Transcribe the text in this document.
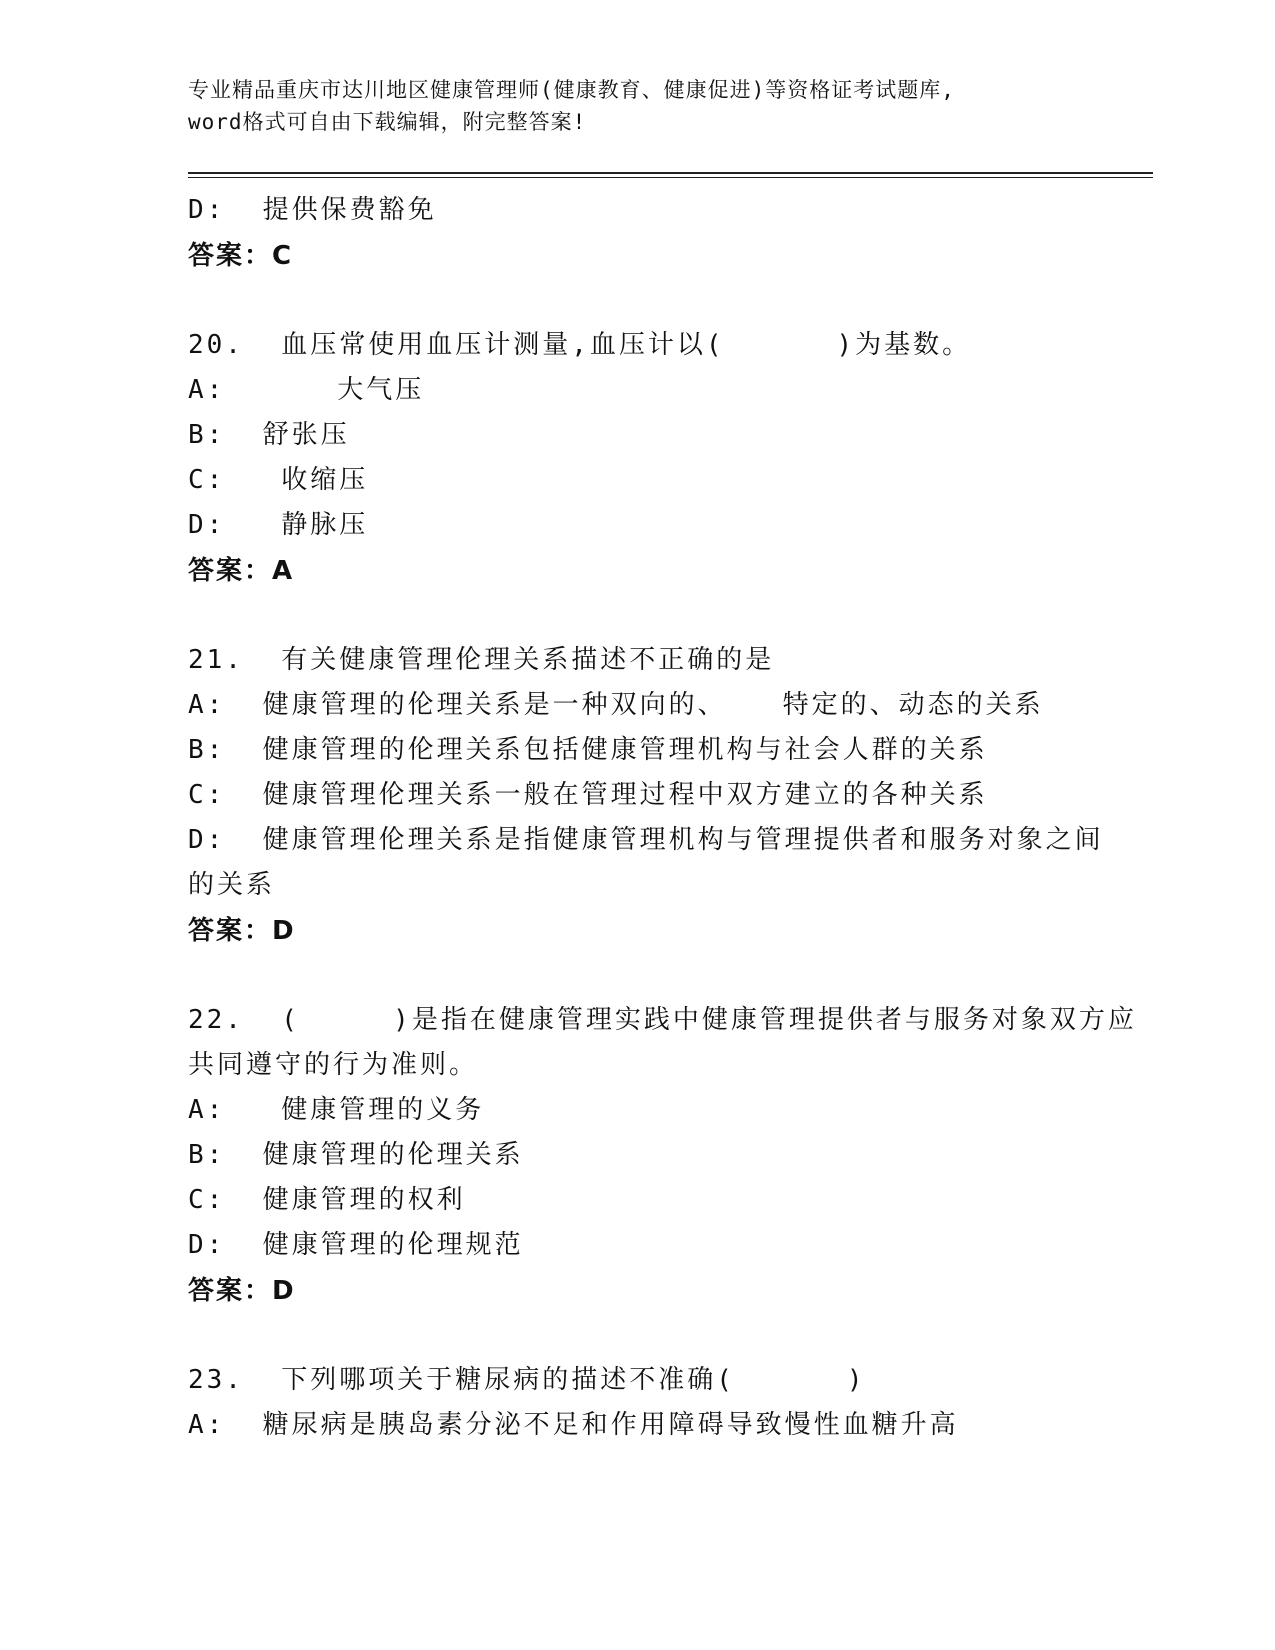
专业精品重庆市达川地区健康管理师(健康教育、健康促进)等资格证考试题库,
word格式可自由下载编辑，附完整答案!
D:  提供保费豁免
答案：C
20.  血压常使用血压计测量,血压计以(      )为基数。
A:      大气压
B:  舒张压
C:   收缩压
D:   静脉压
答案：A
21.  有关健康管理伦理关系描述不正确的是
A:  健康管理的伦理关系是一种双向的、   特定的、动态的关系
B:  健康管理的伦理关系包括健康管理机构与社会人群的关系
C:  健康管理伦理关系一般在管理过程中双方建立的各种关系
D:  健康管理伦理关系是指健康管理机构与管理提供者和服务对象之间
的关系
答案：D
22.  (     )是指在健康管理实践中健康管理提供者与服务对象双方应
共同遵守的行为准则。
A:   健康管理的义务
B:  健康管理的伦理关系
C:  健康管理的权利
D:  健康管理的伦理规范
答案：D
23.  下列哪项关于糖尿病的描述不准确(      )
A:  糖尿病是胰岛素分泌不足和作用障碍导致慢性血糖升高
